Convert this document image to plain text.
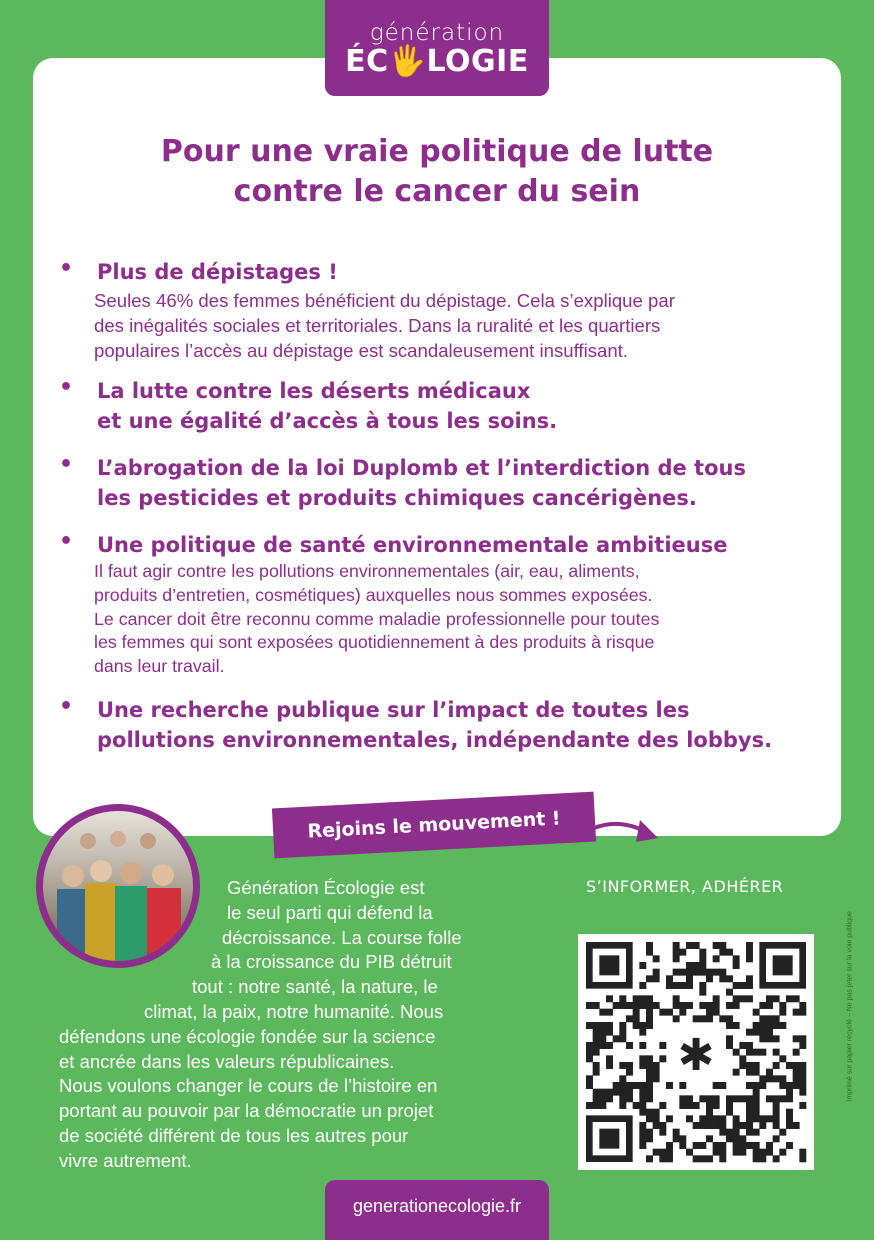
génération
ÉC🖐LOGIE
Pour une vraie politique de lutte
contre le cancer du sein
• Plus de dépistages !
Seules 46% des femmes bénéficient du dépistage. Cela s’explique par
des inégalités sociales et territoriales. Dans la ruralité et les quartiers
populaires l’accès au dépistage est scandaleusement insuffisant.
• La lutte contre les déserts médicaux
et une égalité d’accès à tous les soins.
• L’abrogation de la loi Duplomb et l’interdiction de tous
les pesticides et produits chimiques cancérigènes.
• Une politique de santé environnementale ambitieuse
Il faut agir contre les pollutions environnementales (air, eau, aliments,
produits d’entretien, cosmétiques) auxquelles nous sommes exposées.
Le cancer doit être reconnu comme maladie professionnelle pour toutes
les femmes qui sont exposées quotidiennement à des produits à risque
dans leur travail.
• Une recherche publique sur l’impact de toutes les
pollutions environnementales, indépendante des lobbys.
Rejoins le mouvement !
Génération Écologie est
le seul parti qui défend la
décroissance. La course folle
à la croissance du PIB détruit
tout : notre santé, la nature, le
climat, la paix, notre humanité. Nous
défendons une écologie fondée sur la science
et ancrée dans les valeurs républicaines.
Nous voulons changer le cours de l’histoire en
portant au pouvoir par la démocratie un projet
de société différent de tous les autres pour
vivre autrement.
S’INFORMER, ADHÉRER
✱	Imprimé sur papier recyclé – Ne pas jeter sur la voie publique
generationecologie.fr
